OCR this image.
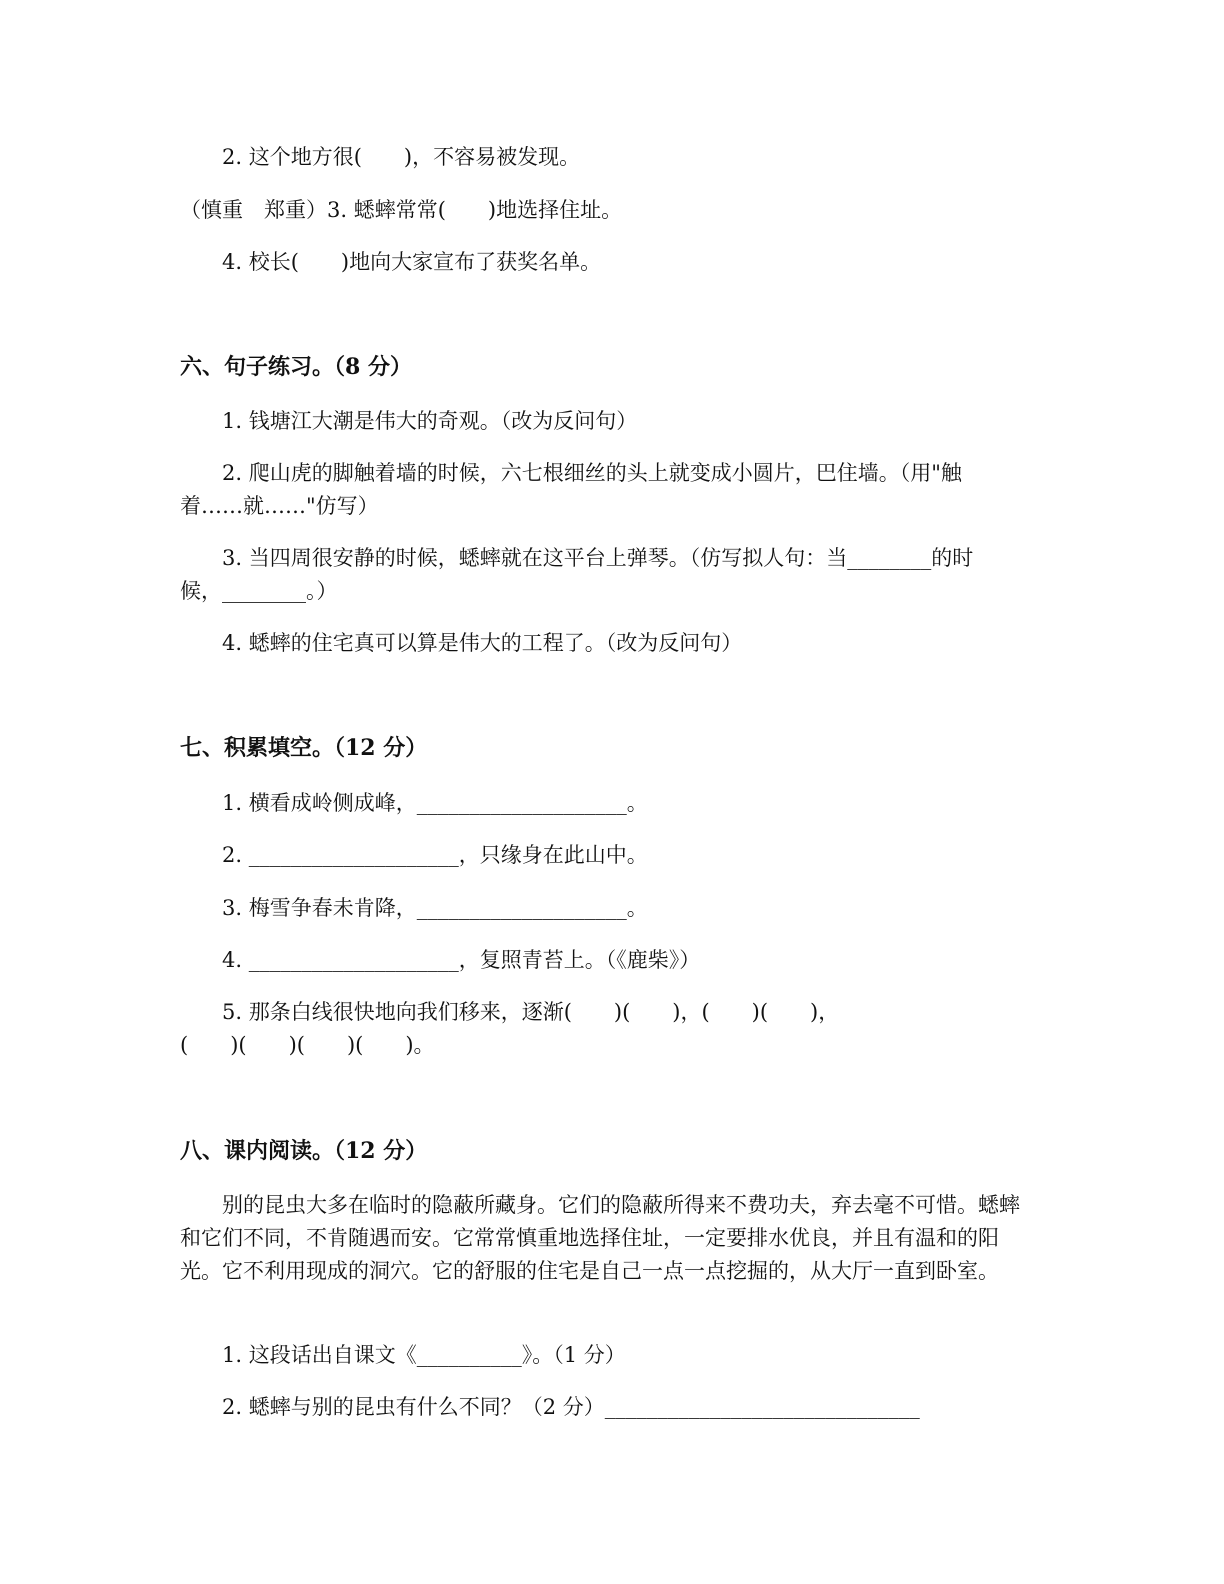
2. 这个地方很(　　)，不容易被发现。
（慎重　郑重）3. 蟋蟀常常(　　)地选择住址。
4. 校长(　　)地向大家宣布了获奖名单。
六、句子练习。（8 分）
1. 钱塘江大潮是伟大的奇观。（改为反问句）
2. 爬山虎的脚触着墙的时候，六七根细丝的头上就变成小圆片，巴住墙。（用"触
着……就……"仿写）
3. 当四周很安静的时候，蟋蟀就在这平台上弹琴。（仿写拟人句：当________的时
候，________。）
4. 蟋蟀的住宅真可以算是伟大的工程了。（改为反问句）
七、积累填空。（12 分）
1. 横看成岭侧成峰，____________________。
2. ____________________，只缘身在此山中。
3. 梅雪争春未肯降，____________________。
4. ____________________，复照青苔上。（《鹿柴》）
5. 那条白线很快地向我们移来，逐渐(　　)(　　)，(　　)(　　)，
(　　)(　　)(　　)(　　)。
八、课内阅读。（12 分）
别的昆虫大多在临时的隐蔽所藏身。它们的隐蔽所得来不费功夫，弃去毫不可惜。蟋蟀和它们不同，不肯随遇而安。它常常慎重地选择住址，一定要排水优良，并且有温和的阳光。它不利用现成的洞穴。它的舒服的住宅是自己一点一点挖掘的，从大厅一直到卧室。
1. 这段话出自课文《__________》。（1 分）
2. 蟋蟀与别的昆虫有什么不同？（2 分）______________________________
